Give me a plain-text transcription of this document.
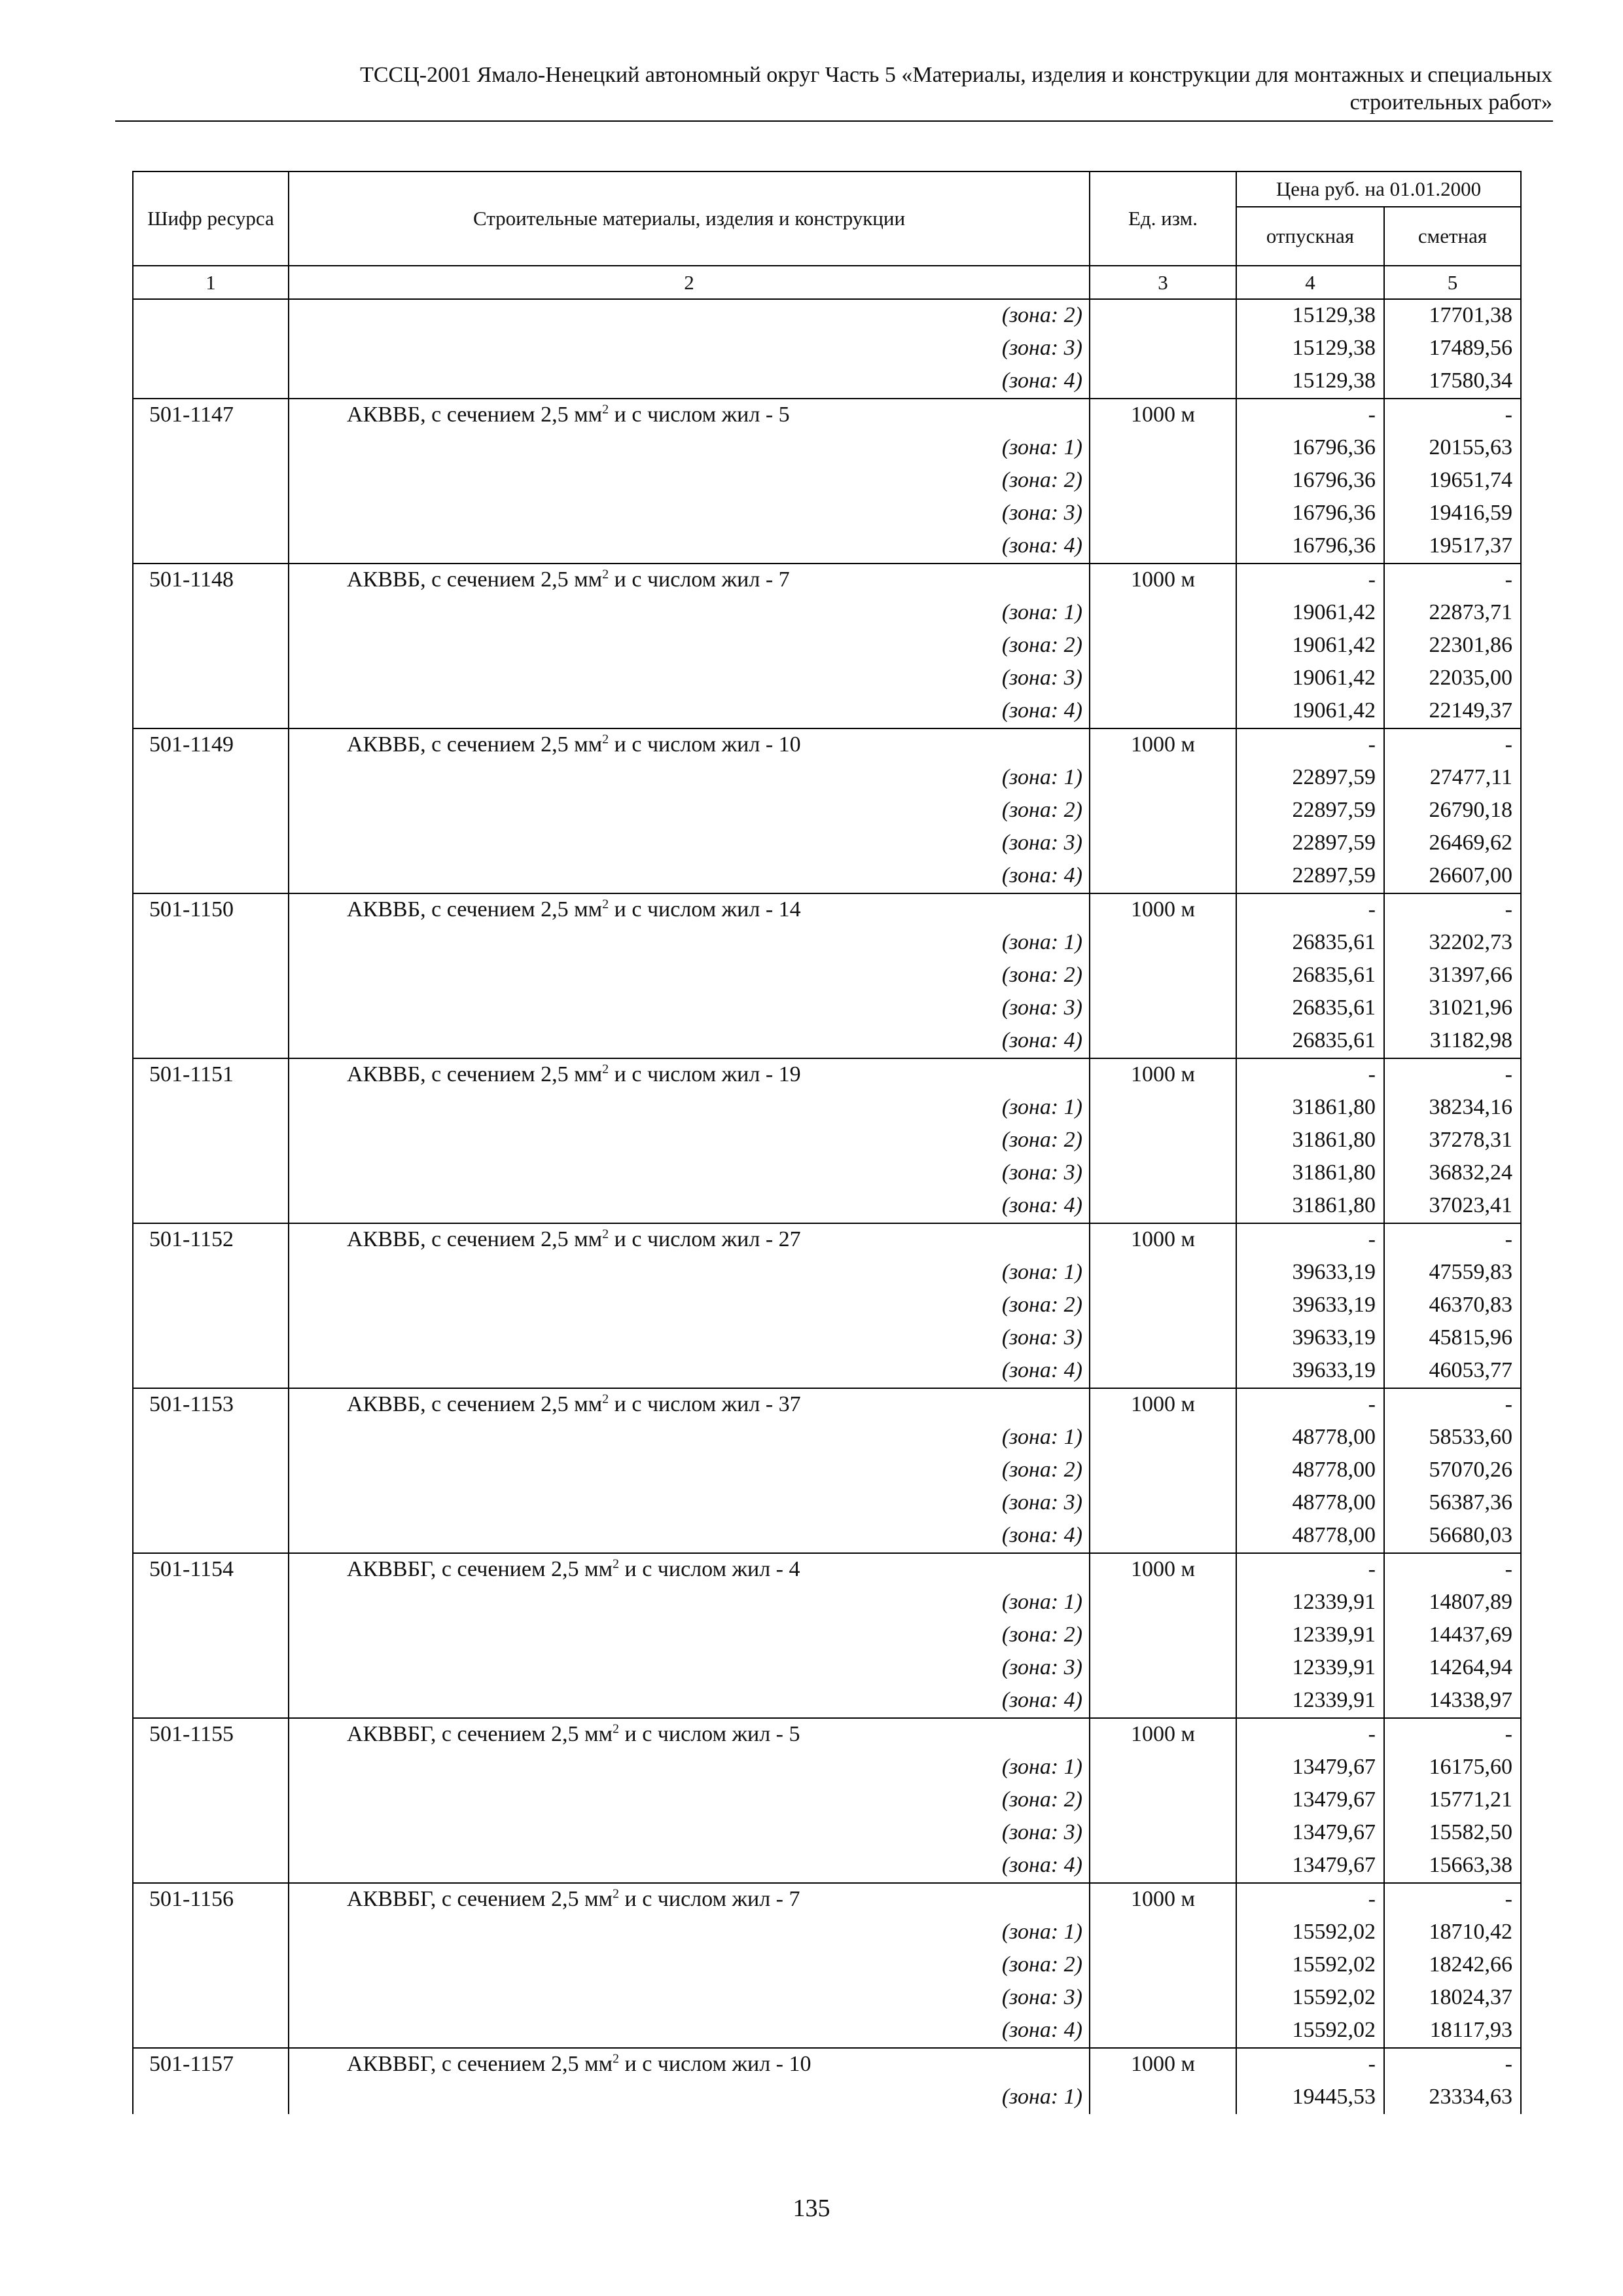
ТССЦ-2001 Ямало-Ненецкий автономный округ Часть 5 «Материалы, изделия и конструкции для монтажных и специальных
строительных работ»
Шифр ресурса	Строительные материалы, изделия и конструкции	Ед. изм.	Цена руб. на 01.01.2000	
			отпускная	сметная
1	2	3	4	5
	(зона: 2)		15129,38	17701,38
	(зона: 3)		15129,38	17489,56
	(зона: 4)		15129,38	17580,34
501-1147	АКВВБ, с сечением 2,5 $мм^2$ и с числом жил - 5	1000 м	-	-
	(зона: 1)		16796,36	20155,63
	(зона: 2)		16796,36	19651,74
	(зона: 3)		16796,36	19416,59
	(зона: 4)		16796,36	19517,37
501-1148	АКВВБ, с сечением 2,5 $мм^2$ и с числом жил - 7	1000 м	-	-
	(зона: 1)		19061,42	22873,71
	(зона: 2)		19061,42	22301,86
	(зона: 3)		19061,42	22035,00
	(зона: 4)		19061,42	22149,37
501-1149	АКВВБ, с сечением 2,5 $мм^2$ и с числом жил - 10	1000 м	-	-
	(зона: 1)		22897,59	27477,11
	(зона: 2)		22897,59	26790,18
	(зона: 3)		22897,59	26469,62
	(зона: 4)		22897,59	26607,00
501-1150	АКВВБ, с сечением 2,5 $мм^2$ и с числом жил - 14	1000 м	-	-
	(зона: 1)		26835,61	32202,73
	(зона: 2)		26835,61	31397,66
	(зона: 3)		26835,61	31021,96
	(зона: 4)		26835,61	31182,98
501-1151	АКВВБ, с сечением 2,5 $мм^2$ и с числом жил - 19	1000 м	-	-
	(зона: 1)		31861,80	38234,16
	(зона: 2)		31861,80	37278,31
	(зона: 3)		31861,80	36832,24
	(зона: 4)		31861,80	37023,41
501-1152	АКВВБ, с сечением 2,5 $мм^2$ и с числом жил - 27	1000 м	-	-
	(зона: 1)		39633,19	47559,83
	(зона: 2)		39633,19	46370,83
	(зона: 3)		39633,19	45815,96
	(зона: 4)		39633,19	46053,77
501-1153	АКВВБ, с сечением 2,5 $мм^2$ и с числом жил - 37	1000 м	-	-
	(зона: 1)		48778,00	58533,60
	(зона: 2)		48778,00	57070,26
	(зона: 3)		48778,00	56387,36
	(зона: 4)		48778,00	56680,03
501-1154	АКВВБГ, с сечением 2,5 $мм^2$ и с числом жил - 4	1000 м	-	-
	(зона: 1)		12339,91	14807,89
	(зона: 2)		12339,91	14437,69
	(зона: 3)		12339,91	14264,94
	(зона: 4)		12339,91	14338,97
501-1155	АКВВБГ, с сечением 2,5 $мм^2$ и с числом жил - 5	1000 м	-	-
	(зона: 1)		13479,67	16175,60
	(зона: 2)		13479,67	15771,21
	(зона: 3)		13479,67	15582,50
	(зона: 4)		13479,67	15663,38
501-1156	АКВВБГ, с сечением 2,5 $мм^2$ и с числом жил - 7	1000 м	-	-
	(зона: 1)		15592,02	18710,42
	(зона: 2)		15592,02	18242,66
	(зона: 3)		15592,02	18024,37
	(зона: 4)		15592,02	18117,93
501-1157	АКВВБГ, с сечением 2,5 $мм^2$ и с числом жил - 10	1000 м	-	-
	(зона: 1)		19445,53	23334,63
135
